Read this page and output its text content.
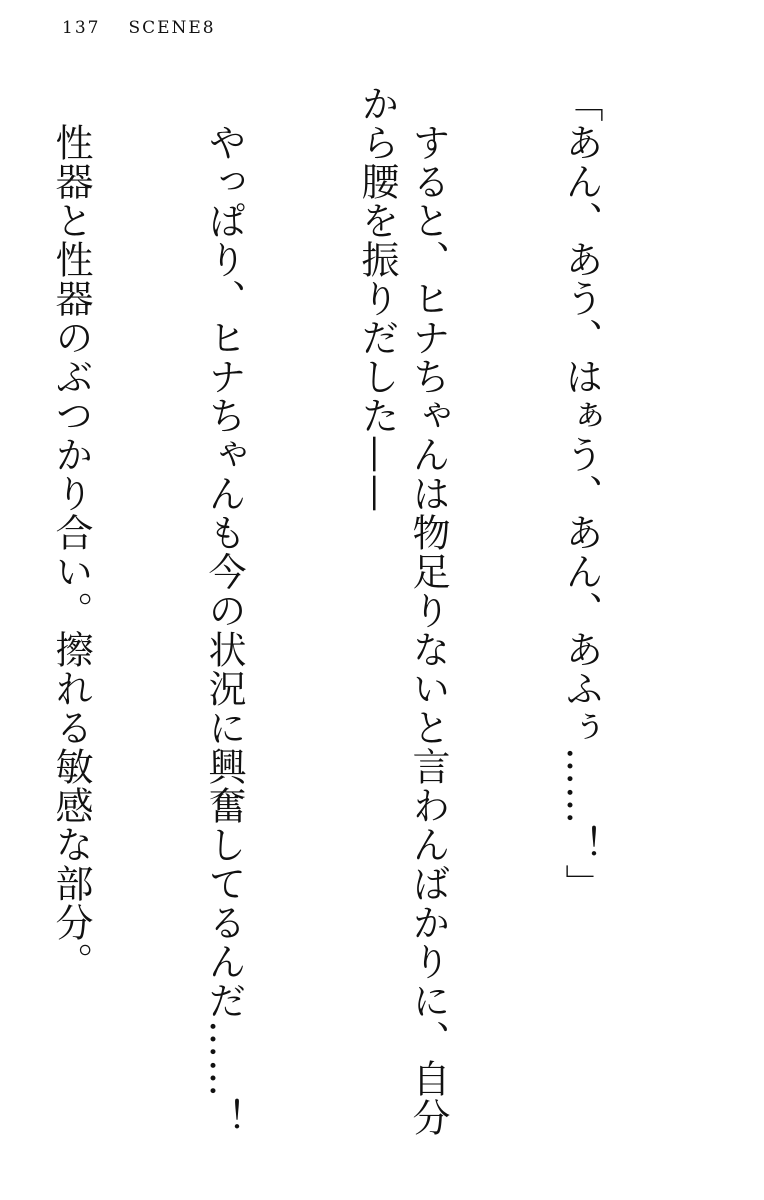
137 SCENE8

「あん、あう、はぁう、あん、あふぅ……！」

　すると、ヒナちゃんは物足りないと言わんばかりに、自分から腰を振りだした——

　やっぱり、ヒナちゃんも今の状況に興奮してるんだ……！

　性器と性器のぶつかり合い。擦れる敏感な部分。
